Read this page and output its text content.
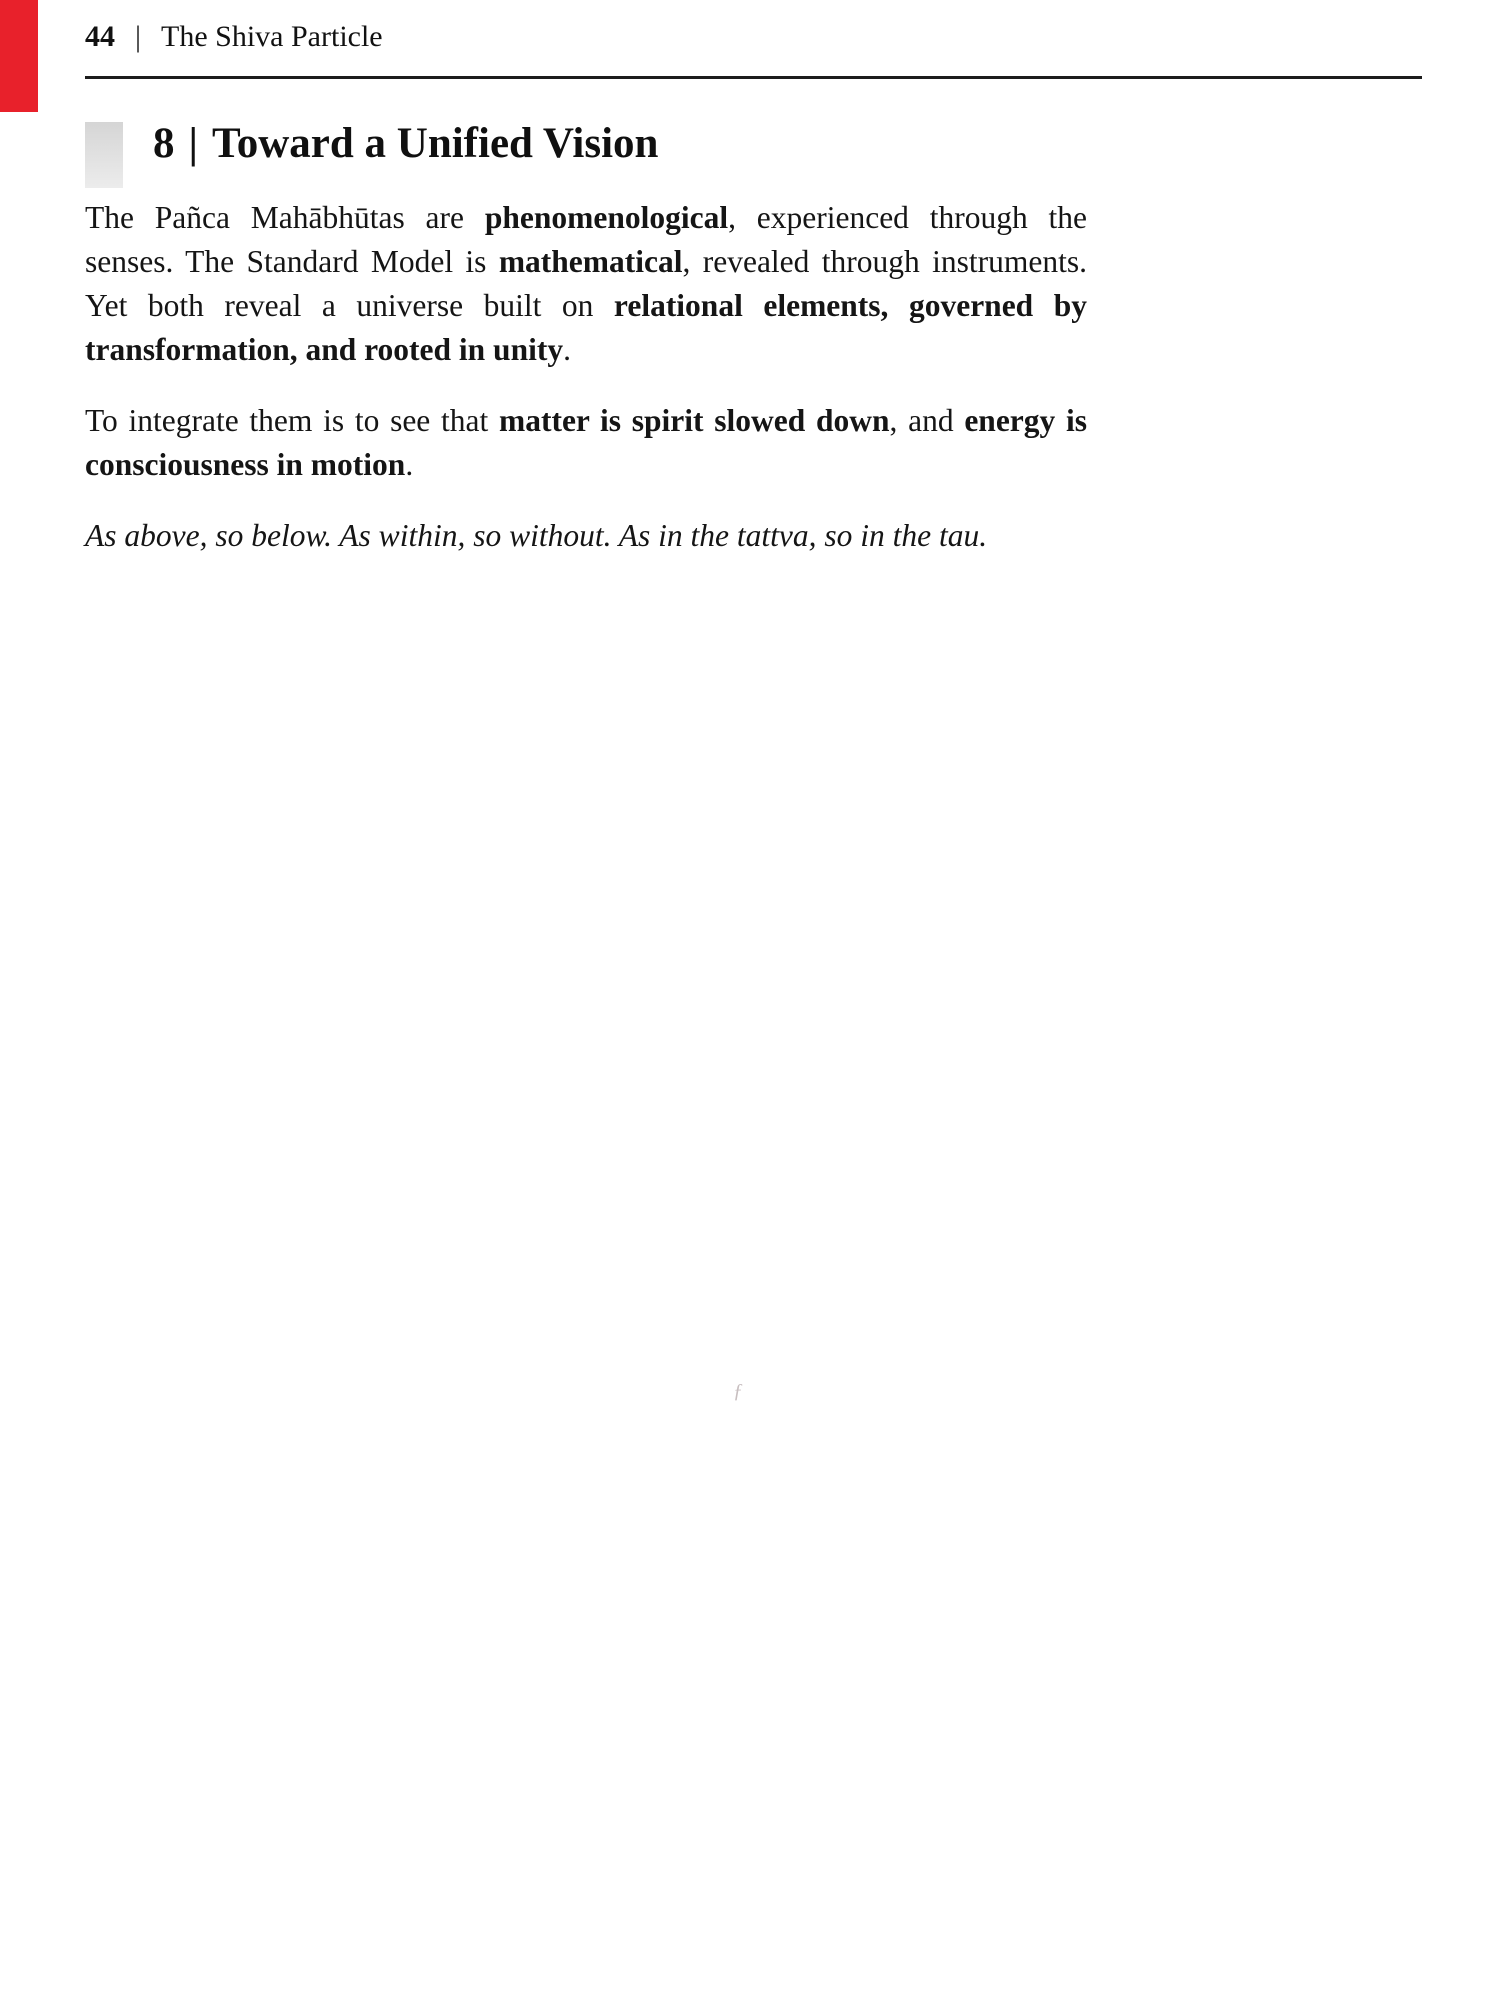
44 | The Shiva Particle
8 | Toward a Unified Vision

The Pañca Mahābhūtas are phenomenological, experienced through the senses. The Standard Model is mathematical, revealed through instruments. Yet both reveal a universe built on relational elements, governed by transformation, and rooted in unity.

To integrate them is to see that matter is spirit slowed down, and energy is consciousness in motion.

As above, so below. As within, so without. As in the tattva, so in the tau.

ƒ
